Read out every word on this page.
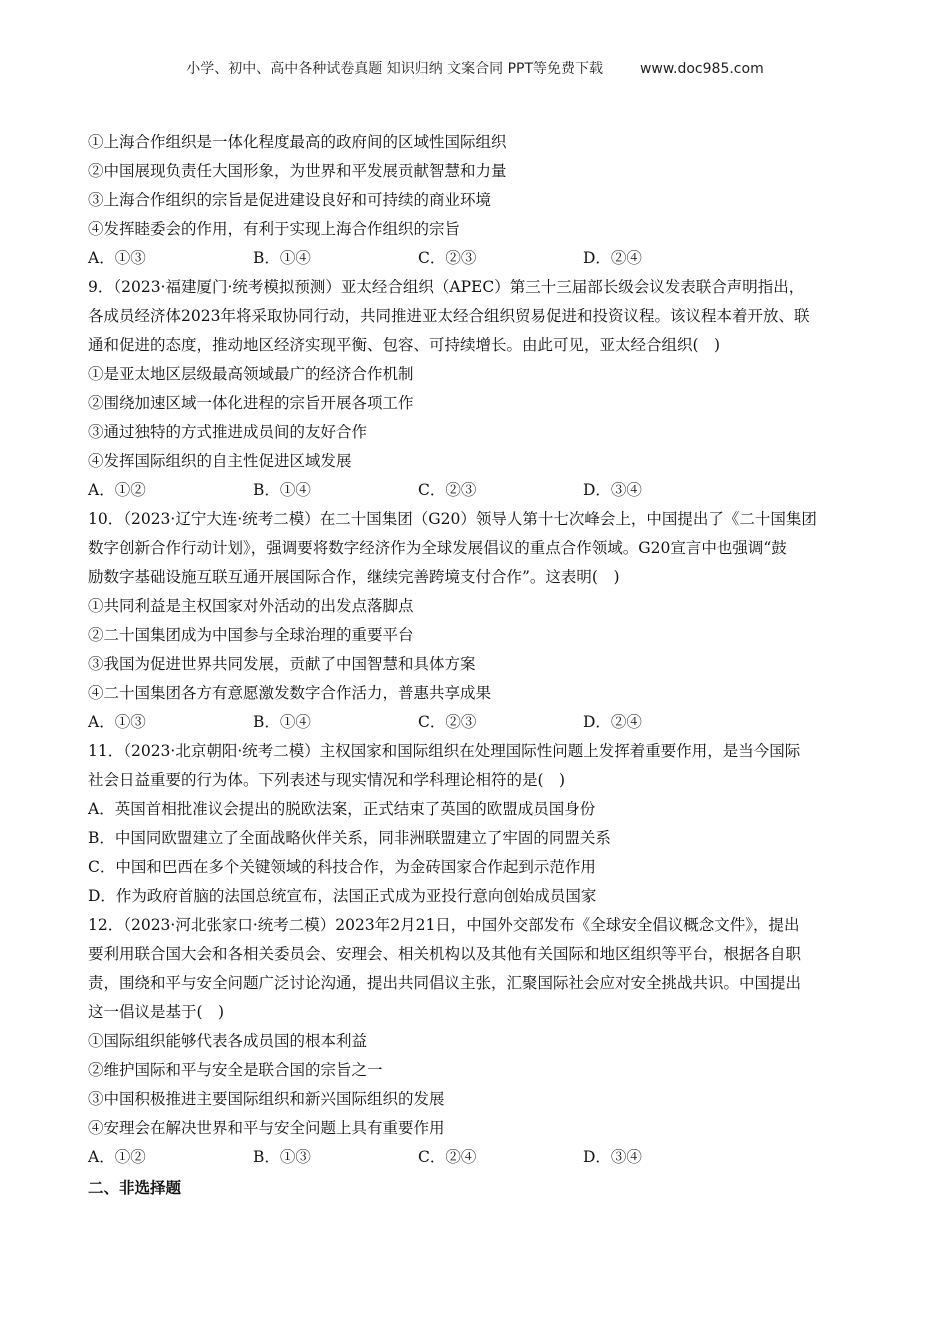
小学、初中、高中各种试卷真题 知识归纳 文案合同 PPT等免费下载	www.doc985.com
①上海合作组织是一体化程度最高的政府间的区域性国际组织
②中国展现负责任大国形象，为世界和平发展贡献智慧和力量
③上海合作组织的宗旨是促进建设良好和可持续的商业环境
④发挥睦委会的作用，有利于实现上海合作组织的宗旨
A．①③	B．①④	C．②③	D．②④
9．（2023·福建厦门·统考模拟预测）亚太经合组织（APEC）第三十三届部长级会议发表联合声明指出，
各成员经济体2023年将采取协同行动，共同推进亚太经合组织贸易促进和投资议程。该议程本着开放、联
通和促进的态度，推动地区经济实现平衡、包容、可持续增长。由此可见，亚太经合组织(　)
①是亚太地区层级最高领域最广的经济合作机制
②围绕加速区域一体化进程的宗旨开展各项工作
③通过独特的方式推进成员间的友好合作
④发挥国际组织的自主性促进区域发展
A．①②	B．①④	C．②③	D．③④
10．（2023·辽宁大连·统考二模）在二十国集团（G20）领导人第十七次峰会上，中国提出了《二十国集团
数字创新合作行动计划》，强调要将数字经济作为全球发展倡议的重点合作领域。G20宣言中也强调“鼓
励数字基础设施互联互通开展国际合作，继续完善跨境支付合作”。这表明(　)
①共同利益是主权国家对外活动的出发点落脚点
②二十国集团成为中国参与全球治理的重要平台
③我国为促进世界共同发展，贡献了中国智慧和具体方案
④二十国集团各方有意愿激发数字合作活力，普惠共享成果
A．①③	B．①④	C．②③	D．②④
11．（2023·北京朝阳·统考二模）主权国家和国际组织在处理国际性问题上发挥着重要作用，是当今国际
社会日益重要的行为体。下列表述与现实情况和学科理论相符的是(　)
A．英国首相批准议会提出的脱欧法案，正式结束了英国的欧盟成员国身份
B．中国同欧盟建立了全面战略伙伴关系，同非洲联盟建立了牢固的同盟关系
C．中国和巴西在多个关键领域的科技合作，为金砖国家合作起到示范作用
D．作为政府首脑的法国总统宣布，法国正式成为亚投行意向创始成员国家
12．（2023·河北张家口·统考二模）2023年2月21日，中国外交部发布《全球安全倡议概念文件》，提出
要利用联合国大会和各相关委员会、安理会、相关机构以及其他有关国际和地区组织等平台，根据各自职
责，围绕和平与安全问题广泛讨论沟通，提出共同倡议主张，汇聚国际社会应对安全挑战共识。中国提出
这一倡议是基于(　)
①国际组织能够代表各成员国的根本利益
②维护国际和平与安全是联合国的宗旨之一
③中国积极推进主要国际组织和新兴国际组织的发展
④安理会在解决世界和平与安全问题上具有重要作用
A．①②	B．①③	C．②④	D．③④
二、非选择题
